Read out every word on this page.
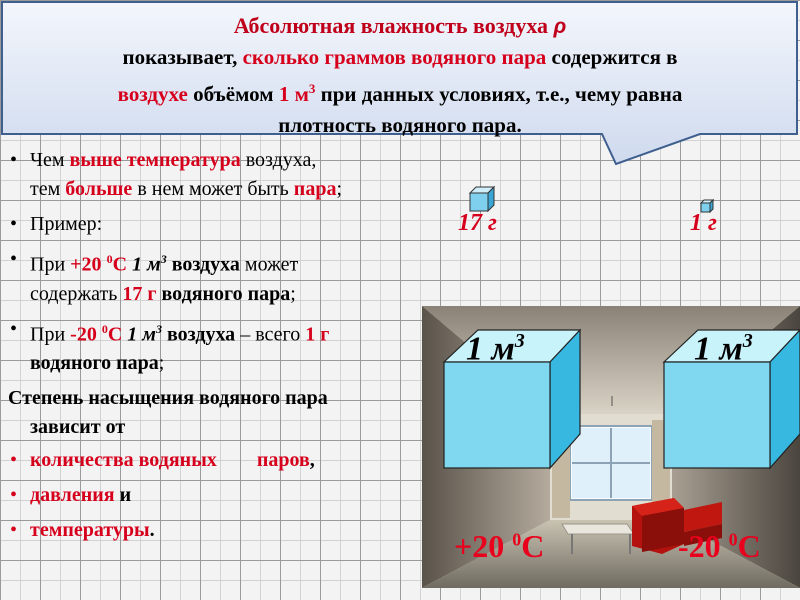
Абсолютная влажность воздуха ρ
показывает, сколько граммов водяного пара содержится в
воздухе объёмом 1 $м^3$ при данных условиях, т.е., чему равна
плотность водяного пара.
• Чем выше температура воздуха,
тем больше в нем может быть пара;
• Пример:
• При +20 $^0$С 1 $м^3$ воздуха может
содержать 17 г водяного пара;
• При -20 $^0$С 1 $м^3$ воздуха – всего 1 г
водяного пара;
Степень насыщения водяного пара
зависит от
• количества водяных паров,
• давления и
• температуры.
17 г	1 г
1 $м^3$	1 $м^3$
+20 $^0$С	-20 $^0$С
